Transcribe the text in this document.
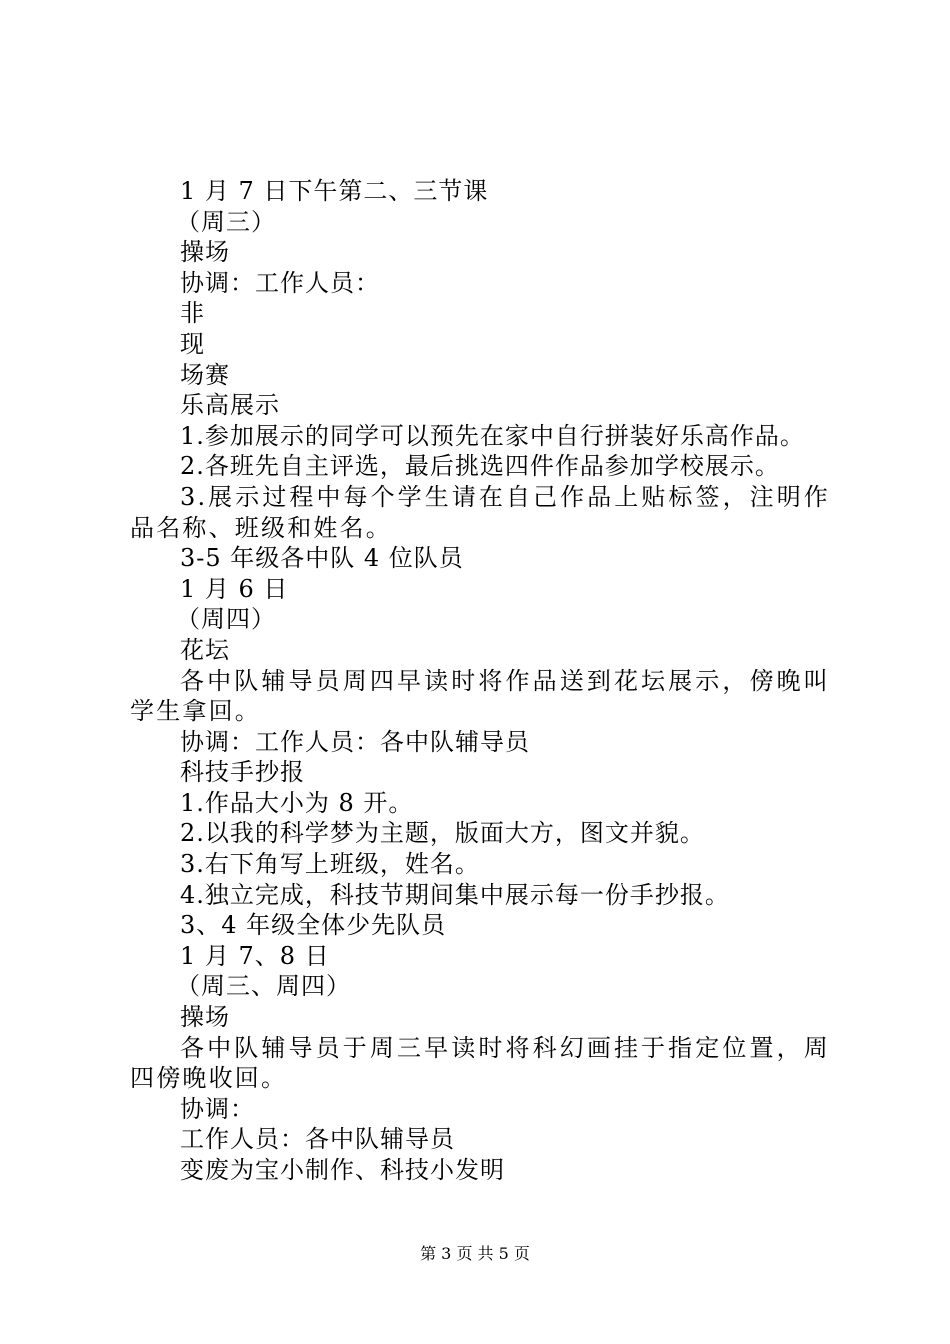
1 月 7 日下午第二、三节课
（周三）
操场
协调：工作人员：
非
现
场赛
乐高展示
1.参加展示的同学可以预先在家中自行拼装好乐高作品。
2.各班先自主评选，最后挑选四件作品参加学校展示。
3.展示过程中每个学生请在自己作品上贴标签，注明作品名称、班级和姓名。
3-5 年级各中队 4 位队员
1 月 6 日
（周四）
花坛
各中队辅导员周四早读时将作品送到花坛展示，傍晚叫学生拿回。
协调：工作人员：各中队辅导员
科技手抄报
1.作品大小为 8 开。
2.以我的科学梦为主题，版面大方，图文并貌。
3.右下角写上班级，姓名。
4.独立完成，科技节期间集中展示每一份手抄报。
3、4 年级全体少先队员
1 月 7、8 日
（周三、周四）
操场
各中队辅导员于周三早读时将科幻画挂于指定位置，周四傍晚收回。
协调：
工作人员：各中队辅导员
变废为宝小制作、科技小发明
第 3 页 共 5 页
